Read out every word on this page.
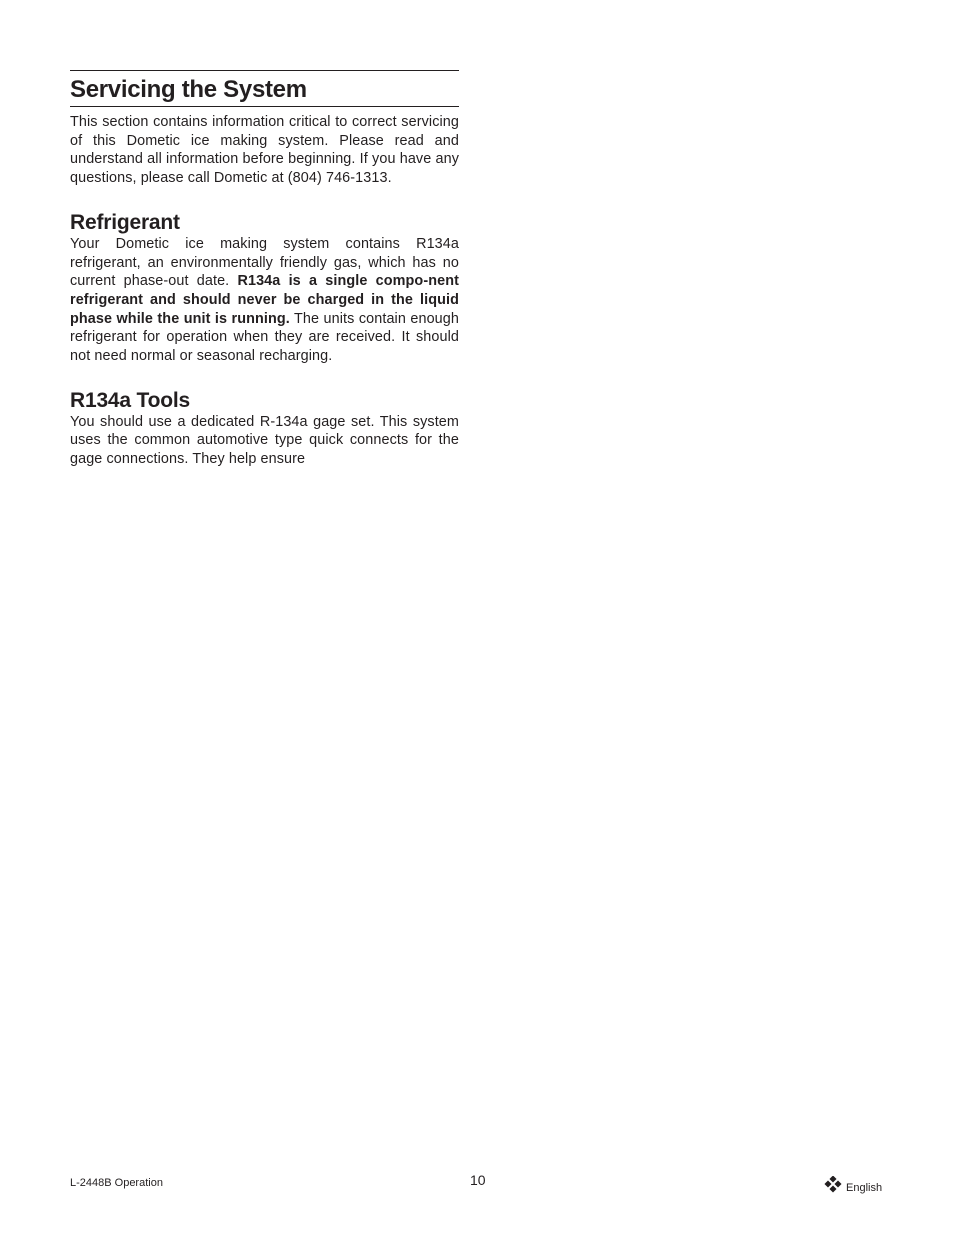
Servicing the System

This section contains information critical to correct servicing of this Dometic ice making system. Please read and understand all information before beginning. If you have any questions, please call Dometic at (804) 746-1313.

Refrigerant

Your Dometic ice making system contains R134a refrigerant, an environmentally friendly gas, which has no current phase-out date. R134a is a single compo-nent refrigerant and should never be charged in the liquid phase while the unit is running. The units contain enough refrigerant for operation when they are received. It should not need normal or seasonal recharging.

R134a Tools

You should use a dedicated R-134a gage set. This system uses the common automotive type quick connects for the gage connections. They help ensure

L-2448B Operation	10	English
